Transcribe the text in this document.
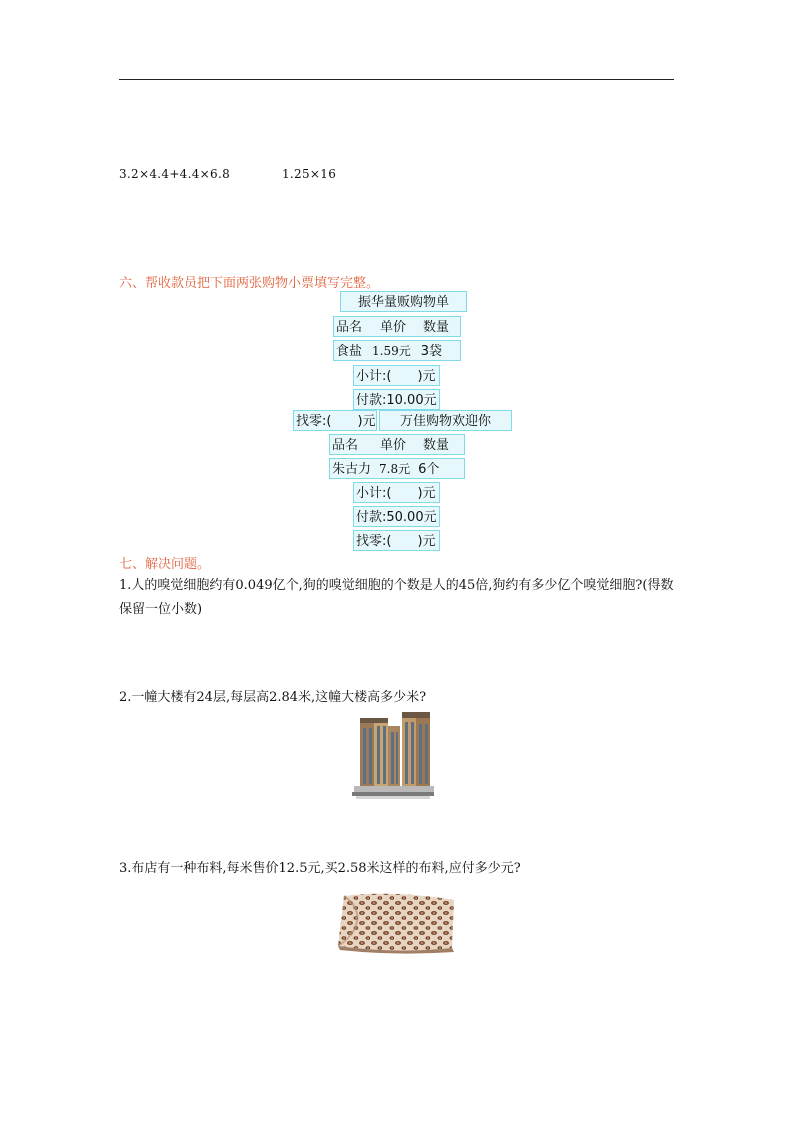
3.2×4.4+4.4×6.8	1.25×16
六、帮收款员把下面两张购物小票填写完整。
振华量贩购物单
品名 单价 数量
食盐 1.59元 3袋
小计:(　　)元
付款:10.00元
找零:(　　)元	万佳购物欢迎你
品名 单价 数量
朱古力 7.8元 6个
小计:(　　)元
付款:50.00元
找零:(　　)元
七、解决问题。
1.人的嗅觉细胞约有0.049亿个,狗的嗅觉细胞的个数是人的45倍,狗约有多少亿个嗅觉细胞?(得数保留一位小数)
2.一幢大楼有24层,每层高2.84米,这幢大楼高多少米?
3.布店有一种布料,每米售价12.5元,买2.58米这样的布料,应付多少元?
